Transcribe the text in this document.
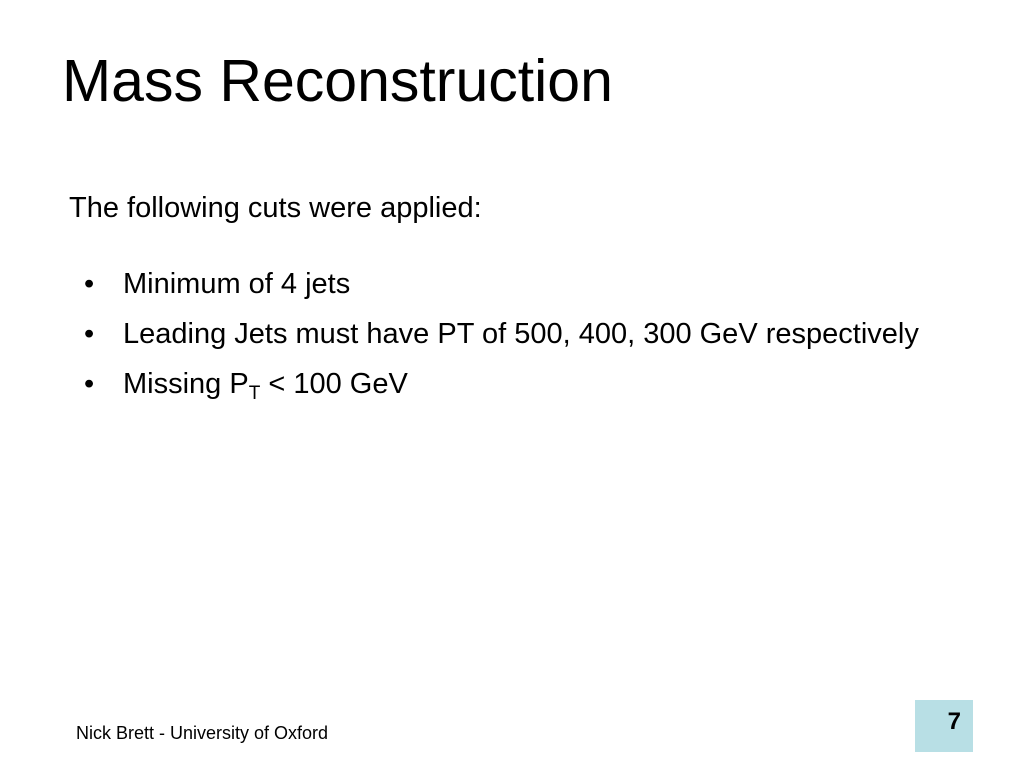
Mass Reconstruction

The following cuts were applied:

• Minimum of 4 jets
• Leading Jets must have PT of 500, 400, 300 GeV respectively
• Missing $P_T < 100$ GeV
Nick Brett - University of Oxford	7
